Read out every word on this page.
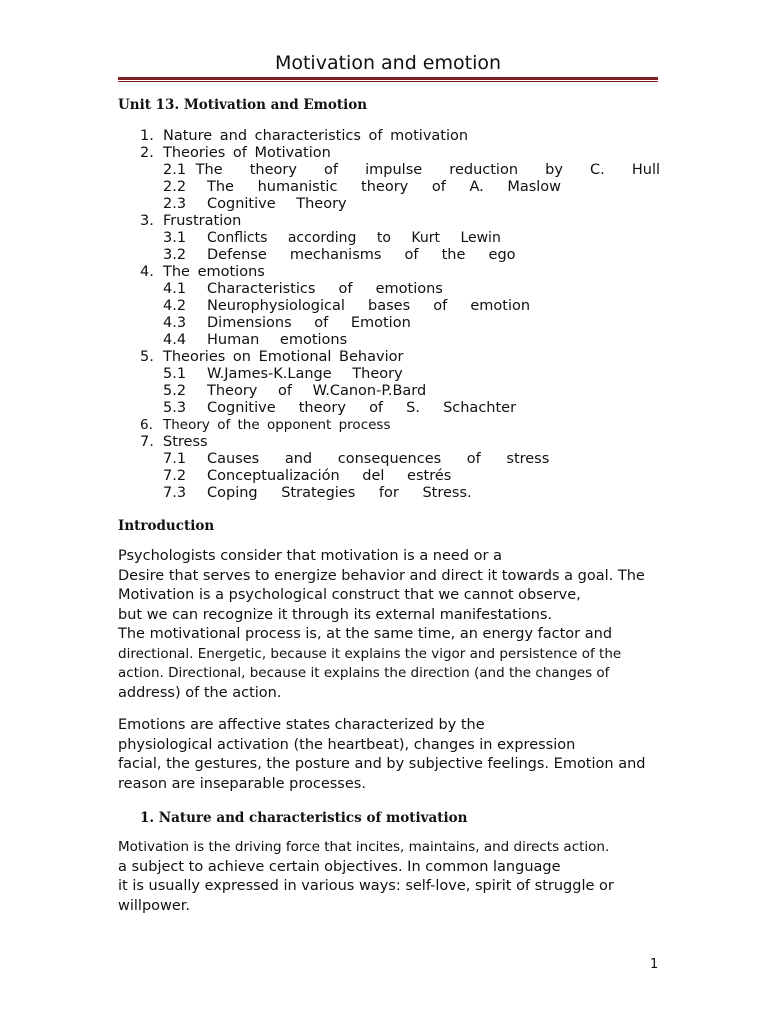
Motivation and emotion
Unit 13. Motivation and Emotion
1. Nature and characteristics of motivation
2. Theories of Motivation
2.1 The theory of impulse reduction by C. Hull
2.2	The humanistic theory of A. Maslow
2.3	Cognitive Theory
3. Frustration
3.1	Conflicts according to Kurt Lewin
3.2	Defense mechanisms of the ego
4. The emotions
4.1	Characteristics of emotions
4.2	Neurophysiological bases of emotion
4.3	Dimensions of Emotion
4.4	Human emotions
5. Theories on Emotional Behavior
5.1	W.James-K.Lange Theory
5.2	Theory of W.Canon-P.Bard
5.3	Cognitive theory of S. Schachter
6. Theory of the opponent process
7. Stress
7.1	Causes and consequences of stress
7.2	Conceptualización del estrés
7.3	Coping Strategies for Stress.
Introduction
Psychologists consider that motivation is a need or a
Desire that serves to energize behavior and direct it towards a goal. The
Motivation is a psychological construct that we cannot observe,
but we can recognize it through its external manifestations.
The motivational process is, at the same time, an energy factor and
directional. Energetic, because it explains the vigor and persistence of the
action. Directional, because it explains the direction (and the changes of
address) of the action.
Emotions are affective states characterized by the
physiological activation (the heartbeat), changes in expression
facial, the gestures, the posture and by subjective feelings. Emotion and
reason are inseparable processes.
1. Nature and characteristics of motivation
Motivation is the driving force that incites, maintains, and directs action.
a subject to achieve certain objectives. In common language
it is usually expressed in various ways: self-love, spirit of struggle or
willpower.
1
